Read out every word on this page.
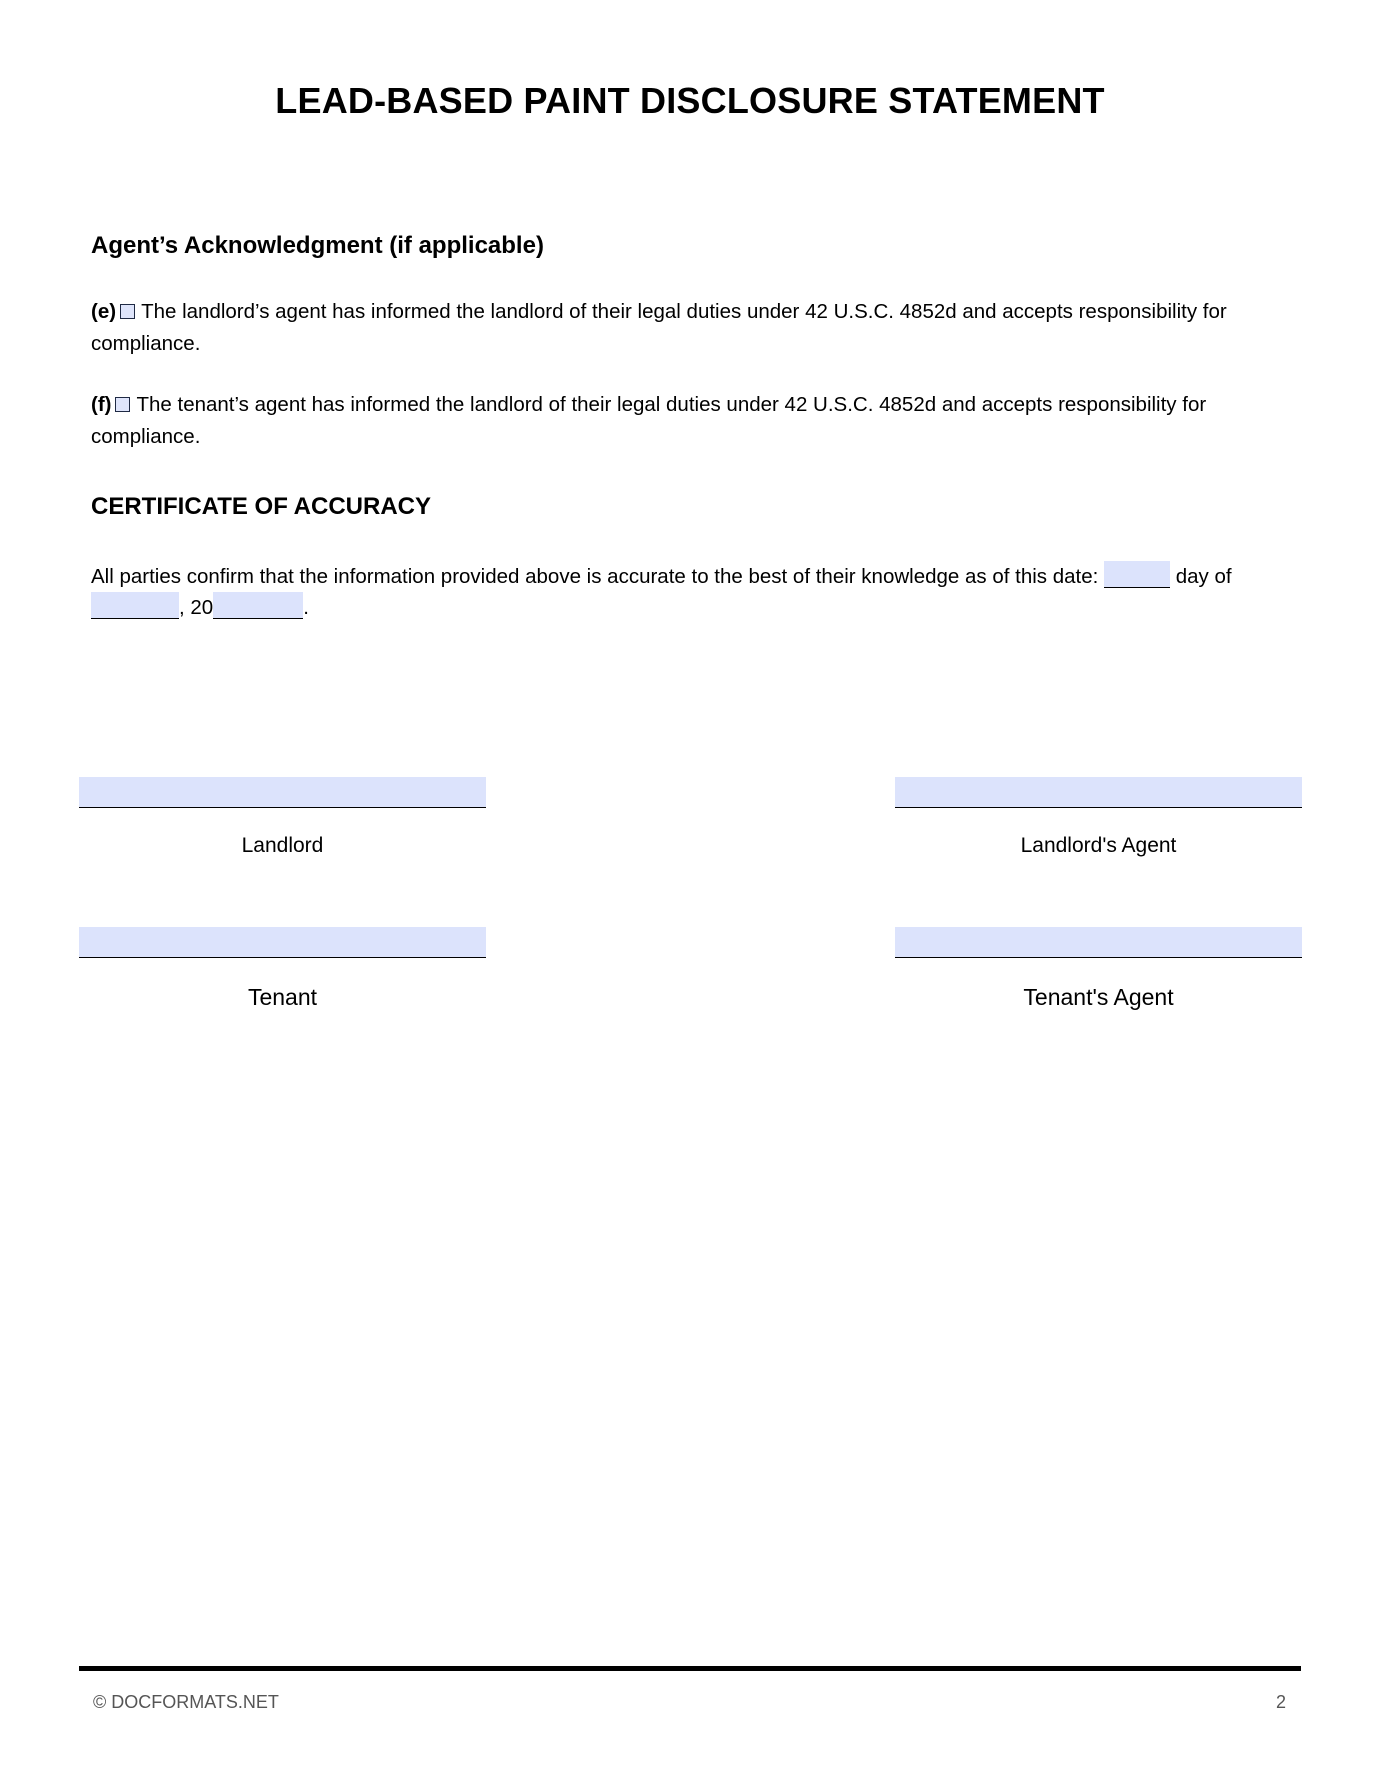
LEAD-BASED PAINT DISCLOSURE STATEMENT
Agent’s Acknowledgment (if applicable)
(e) The landlord’s agent has informed the landlord of their legal duties under 42 U.S.C. 4852d and accepts responsibility for compliance.
(f) The tenant’s agent has informed the landlord of their legal duties under 42 U.S.C. 4852d and accepts responsibility for compliance.
CERTIFICATE OF ACCURACY
All parties confirm that the information provided above is accurate to the best of their knowledge as of this date:	day of
, 20	.
Landlord	Landlord's Agent
Tenant	Tenant's Agent
© DOCFORMATS.NET	2
